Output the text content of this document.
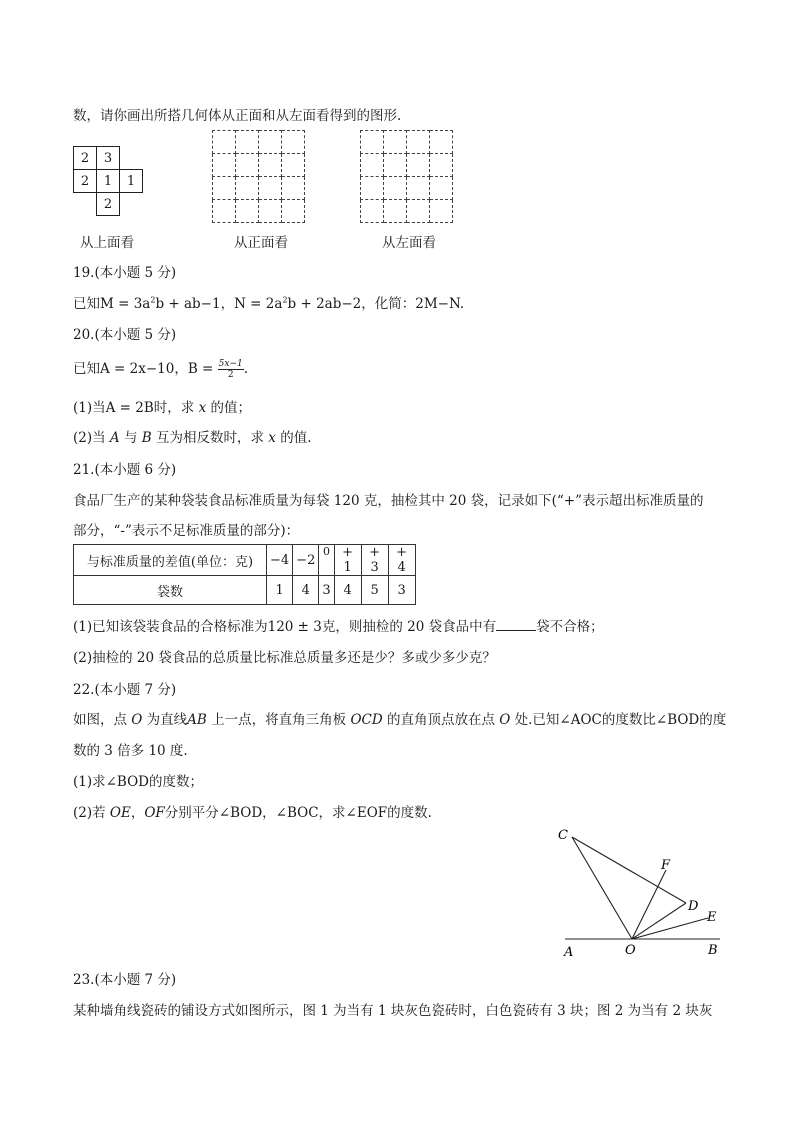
数，请你画出所搭几何体从正面和从左面看得到的图形.
2	3	
2	1	1
	2	
从上面看

				从正面看

				从左面看
19.(本小题 5 分)
已知$M = 3a^2b + ab-1$，$N = 2a^2b + 2ab-2$，化简：2M−N.
20.(本小题 5 分)
已知A = 2x−10，$B = \frac{5x-1}{2}$ .
(1)当A = 2B时，求 x 的值；
(2)当 A 与 B 互为相反数时，求 x 的值.
21.(本小题 6 分)
食品厂生产的某种袋装食品标准质量为每袋 120 克，抽检其中 20 袋，记录如下(“+”表示超出标准质量的
部分，“-”表示不足标准质量的部分)：
与标准质量的差值(单位：克)	−4	−2	0	+ 1	+ 3	+ 4
袋数	1	4	3	4	5	3
(1)已知该袋装食品的合格标准为120 ± 3克，则抽检的 20 袋食品中有	袋不合格；
(2)抽检的 20 袋食品的总质量比标准总质量多还是少？多或少多少克？
22.(本小题 7 分)
如图，点 O 为直线AB 上一点，将直角三角板 OCD 的直角顶点放在点 O 处.已知∠AOC的度数比∠BOD的度
数的 3 倍多 10 度.
(1)求∠BOD的度数；
(2)若 OE，OF分别平分∠BOD，∠BOC，求∠EOF的度数.
C
F
D
E
A	O	B
23.(本小题 7 分)
某种墙角线瓷砖的铺设方式如图所示，图 1 为当有 1 块灰色瓷砖时，白色瓷砖有 3 块；图 2 为当有 2 块灰
